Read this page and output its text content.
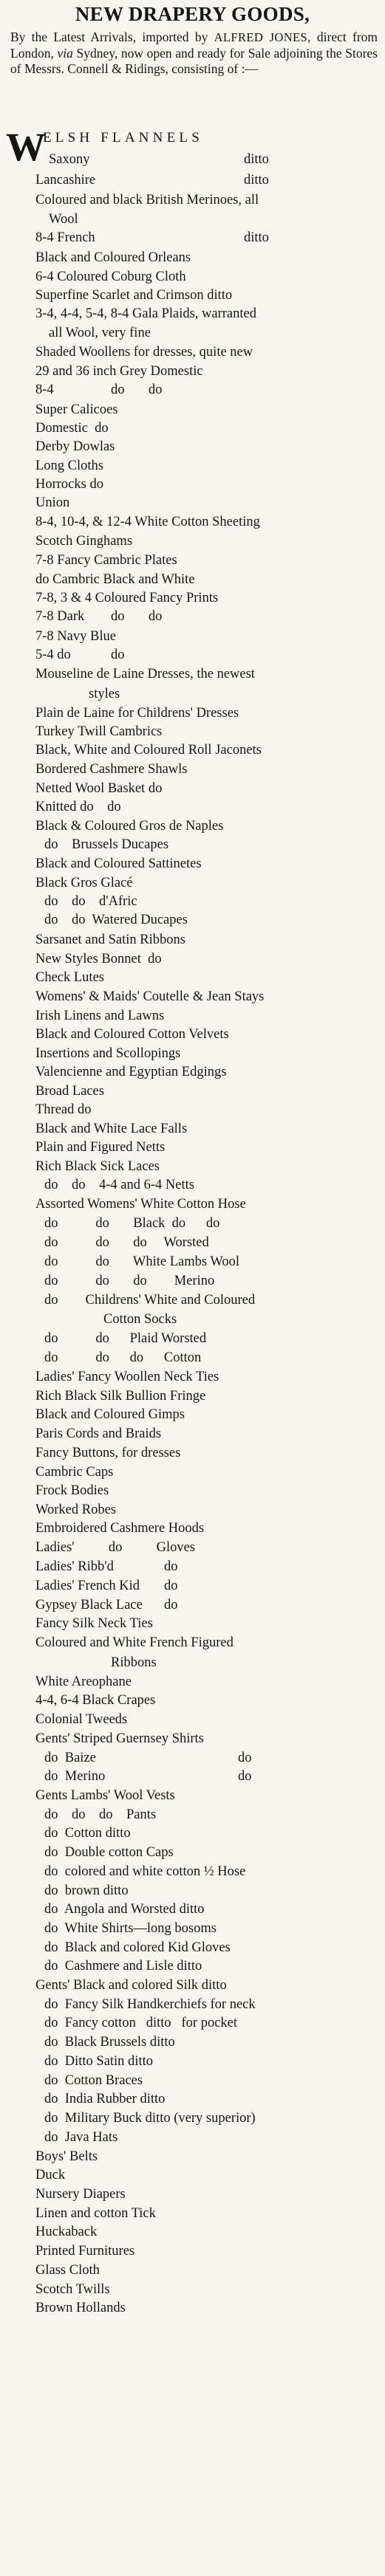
NEW DRAPERY GOODS,
By the Latest Arrivals, imported by ALFRED JONES, direct from London, via Sydney, now open and ready for Sale adjoining the Stores of Messrs. Connell & Ridings, consisting of :—
W
ELSH FLANNELS
Saxony	ditto
Lancashire	ditto
Coloured and black British Merinoes, all
Wool
8-4 French	ditto
Black and Coloured Orleans
6-4 Coloured Coburg Cloth
Superfine Scarlet and Crimson ditto
3-4, 4-4, 5-4, 8-4 Gala Plaids, warranted
all Wool, very fine
Shaded Woollens for dresses, quite new
29 and 36 inch Grey Domestic
8-4	do       do
Super Calicoes
Domestic  do
Derby Dowlas
Long Cloths
Horrocks do
Union
8-4, 10-4, & 12-4 White Cotton Sheeting
Scotch Ginghams
7-8 Fancy Cambric Plates
do Cambric Black and White
7-8, 3 & 4 Coloured Fancy Prints
7-8 Dark do       do
7-8 Navy Blue
5-4 do	do
Mouseline de Laine Dresses, the newest
styles
Plain de Laine for Childrens' Dresses
Turkey Twill Cambrics
Black, White and Coloured Roll Jaconets
Bordered Cashmere Shawls
Netted Wool Basket do
Knitted do    do
Black & Coloured Gros de Naples
do    Brussels Ducapes
Black and Coloured Sattinetes
Black Gros Glacé
do    do    d'Afric
do    do  Watered Ducapes
Sarsanet and Satin Ribbons
New Styles Bonnet  do
Check Lutes
Womens' & Maids' Coutelle & Jean Stays
Irish Linens and Lawns
Black and Coloured Cotton Velvets
Insertions and Scollopings
Valencienne and Egyptian Edgings
Broad Laces
Thread do
Black and White Lace Falls
Plain and Figured Netts
Rich Black Sick Laces
do    do    4-4 and 6-4 Netts
Assorted Womens' White Cotton Hose
do           do       Black  do      do
do           do       do     Worsted
do           do       White Lambs Wool
do           do       do        Merino
do        Childrens' White and Coloured
Cotton Socks
do           do      Plaid Worsted
do           do      do      Cotton
Ladies' Fancy Woollen Neck Ties
Rich Black Silk Bullion Fringe
Black and Coloured Gimps
Paris Cords and Braids
Fancy Buttons, for dresses
Cambric Caps
Frock Bodies
Worked Robes
Embroidered Cashmere Hoods
Ladies'          do          Gloves
Ladies' Ribb'd	do
Ladies' French Kid do
Gypsey Black Lace do
Fancy Silk Neck Ties
Coloured and White French Figured
Ribbons
White Areophane
4-4, 6-4 Black Crapes
Colonial Tweeds
Gents' Striped Guernsey Shirts
do  Baize	do
do  Merino	do
Gents Lambs' Wool Vests
do    do    do    Pants
do  Cotton ditto
do  Double cotton Caps
do  colored and white cotton ½ Hose
do  brown ditto
do  Angola and Worsted ditto
do  White Shirts—long bosoms
do  Black and colored Kid Gloves
do  Cashmere and Lisle ditto
Gents' Black and colored Silk ditto
do  Fancy Silk Handkerchiefs for neck
do  Fancy cotton   ditto   for pocket
do  Black Brussels ditto
do  Ditto Satin ditto
do  Cotton Braces
do  India Rubber ditto
do  Military Buck ditto (very superior)
do  Java Hats
Boys' Belts
Duck
Nursery Diapers
Linen and cotton Tick
Huckaback
Printed Furnitures
Glass Cloth
Scotch Twills
Brown Hollands
